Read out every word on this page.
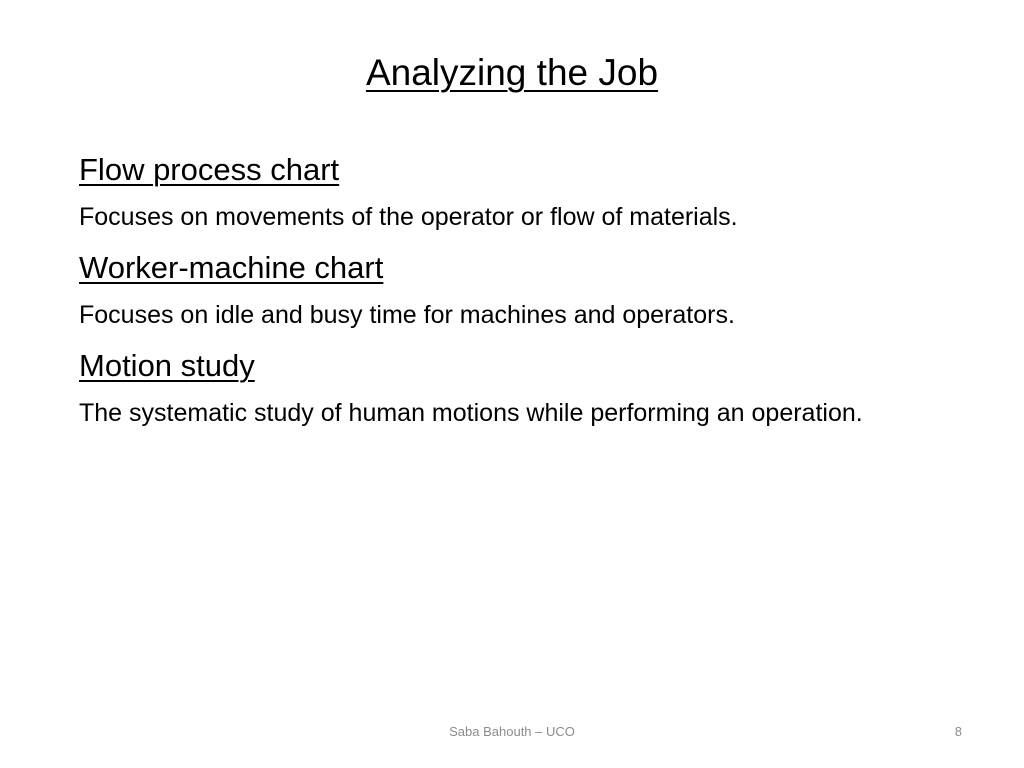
Analyzing the Job
Flow process chart

Focuses on movements of the operator or flow of materials.

Worker-machine chart

Focuses on idle and busy time for machines and operators.

Motion study

The systematic study of human motions while performing an operation.

Saba Bahouth – UCO	8
